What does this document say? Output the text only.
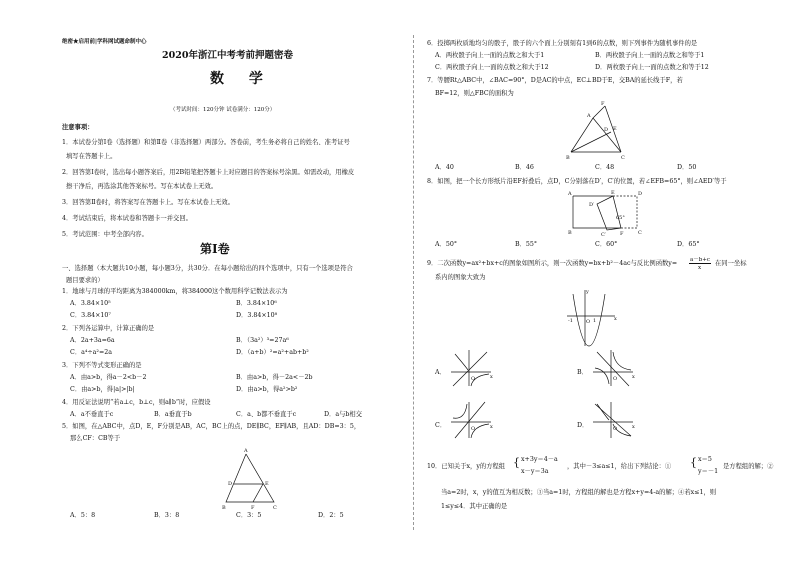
绝密★启用前|学科网试题命制中心
2020年浙江中考考前押题密卷
数 学
（考试时间：120分钟 试卷满分：120分）
注意事项：
1．本试卷分第Ⅰ卷（选择题）和第Ⅱ卷（非选择题）两部分。答卷前，考生务必将自己的姓名、准考证号
填写在答题卡上。
2．回答第Ⅰ卷时，选出每小题答案后，用2B铅笔把答题卡上对应题目的答案标号涂黑。如需改动，用橡皮
擦干净后，再选涂其他答案标号。写在本试卷上无效。
3．回答第Ⅱ卷时，将答案写在答题卡上。写在本试卷上无效。
4．考试结束后，将本试卷和答题卡一并交回。
5．考试范围：中考全部内容。
第Ⅰ卷
一、选择题（本大题共10小题，每小题3分，共30分．在每小题给出的四个选项中，只有一个选项是符合
题目要求的）
1．地球与月球的平均距离为384000km，将384000这个数用科学记数法表示为
A．3.84×10⁵	B．3.84×10⁶
C．3.84×10⁷	D．3.84×10⁸
2．下列各运算中，计算正确的是
A．2a+3a=6a	B．（3a²）³=27a⁶
C．a⁴÷a²=2a	D．（a+b）²=a²+ab+b²
3．下列不等式变形正确的是
A．由a>b，得a－2<b－2	B．由a>b，得－2a<－2b
C．由a>b，得|a|>|b|	D．由a>b，得a²>b²
4．用反证法说明“若a⊥c，b⊥c，则a∥b”时，应假设
A．a不垂直于c	B．a垂直于b	C．a、b都不垂直于c	D．a与b相交
5．如图，在△ABC中，点D，E，F分别是AB，AC，BC上的点，DE∥BC，EF∥AB，且AD：DB=3：5，
那么CF：CB等于
A
D	E
B	F	C
A．5：8	B．3：8	C．3：5	D．2：5
6．投掷两枚质地均匀的骰子，骰子的六个面上分别刻有1到6的点数，则下列事件为随机事件的是
A．两枚骰子向上一面的点数之和大于1	B．两枚骰子向上一面的点数之和等于1
C．两枚骰子向上一面的点数之和大于12	D．两枚骰子向上一面的点数之和等于12
7．等腰Rt△ABC中，∠BAC=90°，D是AC的中点，EC⊥BD于E，交BA的延长线于F，若
BF=12，则△FBC的面积为
F
A
D E
B	C
A．40	B．46	C．48	D．50
8．如图，把一个长方形纸片沿EF折叠后，点D，C分别落在D′，C′的位置，若∠EFB=65°，则∠AED′等于
A	E	D
B	F	C
D′
C′
65°
A．50°	B．55°	C．60°	D．65°
9．二次函数y=ax²+bx+c的图象如图所示，则一次函数y=bx+b²－4ac与反比例函数y= a－b+c
x
在同一坐标
系内的图象大致为
x
y
O
-1	1
A．
x
O
B．
x
O
C．	x
O	D．	x
O
10．已知关于x，y的方程组 { x+3y＝4－a
x－y＝3a
，其中－3≤a≤1，给出下列结论：① { x＝5
y＝－1
是方程组的解；②
当a=2时，x，y的值互为相反数；③当a=1时，方程组的解也是方程x+y=4-a的解；④若x≤1，则
1≤y≤4．其中正确的是
